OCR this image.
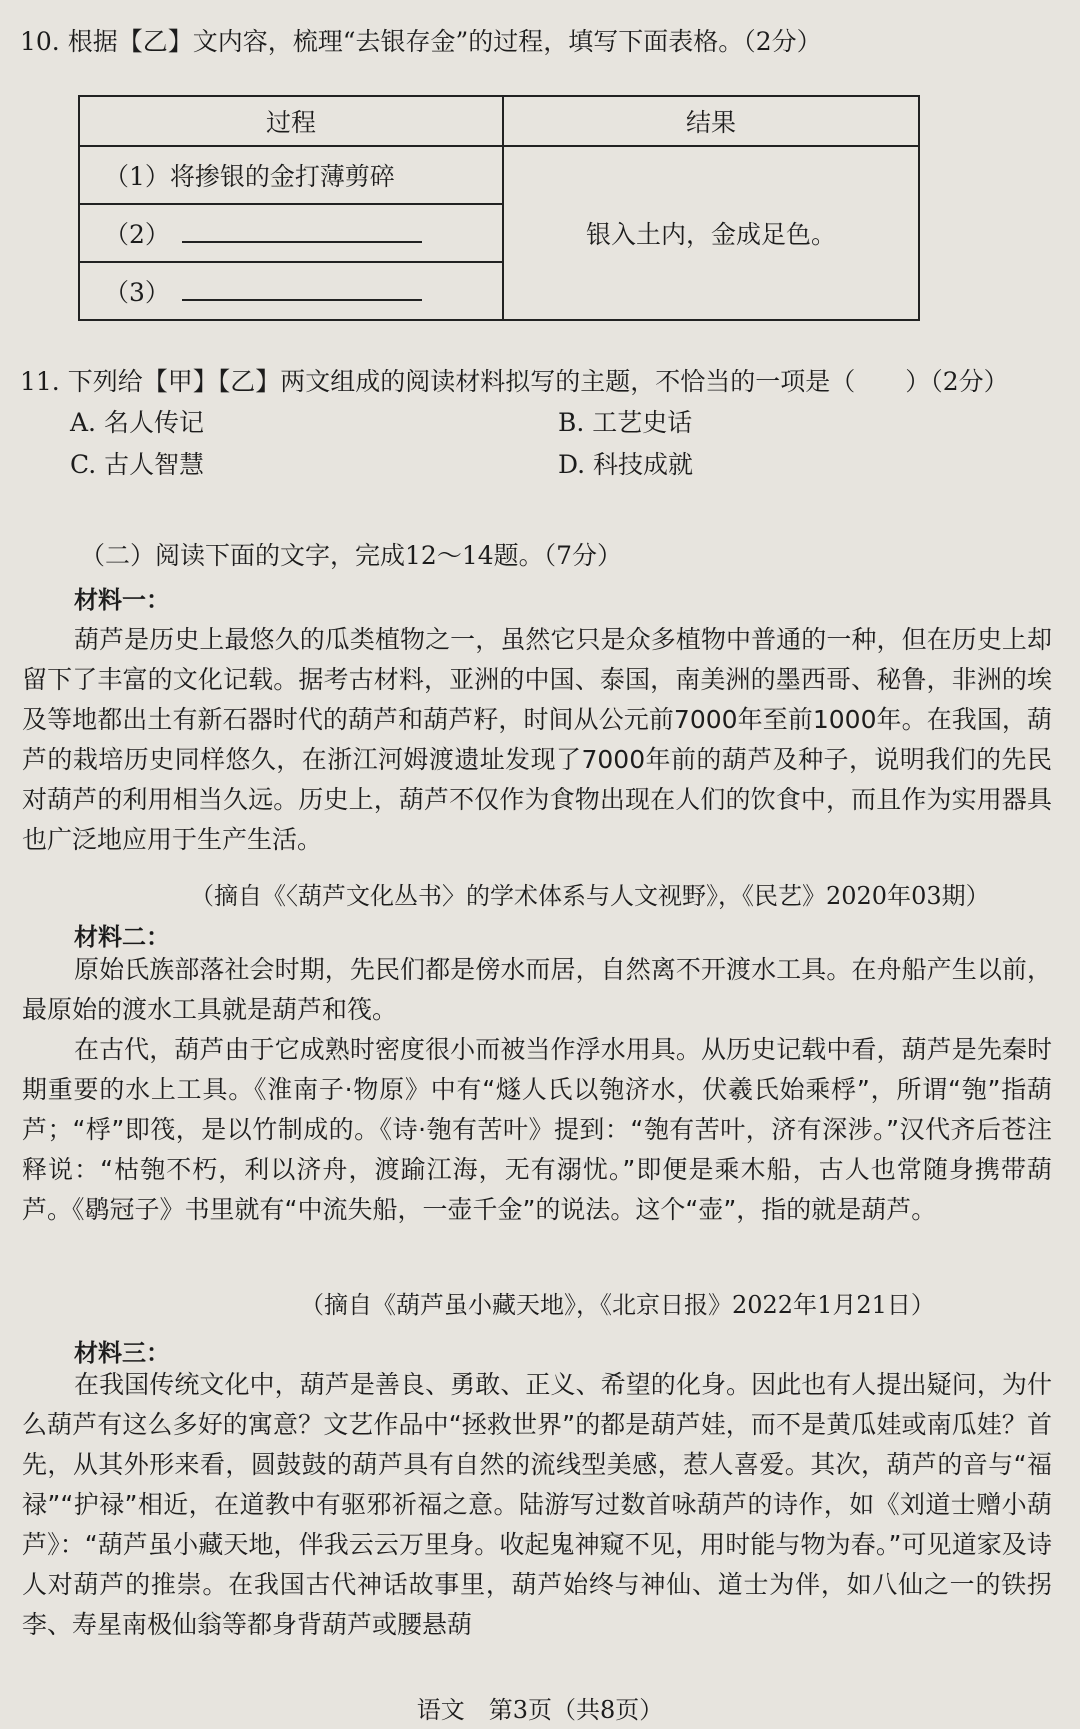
10. 根据【乙】文内容，梳理“去银存金”的过程，填写下面表格。（2分）
过程	结果
（1）将掺银的金打薄剪碎	银入土内，金成足色。
（2）	
（3）	
11. 下列给【甲】【乙】两文组成的阅读材料拟写的主题，不恰当的一项是（　　）（2分）
A. 名人传记	B. 工艺史话
C. 古人智慧	D. 科技成就
（二）阅读下面的文字，完成12～14题。（7分）
材料一：
葫芦是历史上最悠久的瓜类植物之一，虽然它只是众多植物中普通的一种，但在历史上却留下了丰富的文化记载。据考古材料，亚洲的中国、泰国，南美洲的墨西哥、秘鲁，非洲的埃及等地都出土有新石器时代的葫芦和葫芦籽，时间从公元前7000年至前1000年。在我国，葫芦的栽培历史同样悠久，在浙江河姆渡遗址发现了7000年前的葫芦及种子，说明我们的先民对葫芦的利用相当久远。历史上，葫芦不仅作为食物出现在人们的饮食中，而且作为实用器具也广泛地应用于生产生活。
（摘自《〈葫芦文化丛书〉的学术体系与人文视野》，《民艺》2020年03期）
材料二：
原始氏族部落社会时期，先民们都是傍水而居，自然离不开渡水工具。在舟船产生以前，最原始的渡水工具就是葫芦和筏。
在古代，葫芦由于它成熟时密度很小而被当作浮水用具。从历史记载中看，葫芦是先秦时期重要的水上工具。《淮南子·物原》中有“燧人氏以匏济水，伏羲氏始乘桴”，所谓“匏”指葫芦；“桴”即筏，是以竹制成的。《诗·匏有苦叶》提到：“匏有苦叶，济有深涉。”汉代齐后苍注释说：“枯匏不朽，利以济舟，渡踰江海，无有溺忧。”即便是乘木船，古人也常随身携带葫芦。《鹖冠子》书里就有“中流失船，一壶千金”的说法。这个“壶”，指的就是葫芦。
（摘自《葫芦虽小藏天地》，《北京日报》2022年1月21日）
材料三：
在我国传统文化中，葫芦是善良、勇敢、正义、希望的化身。因此也有人提出疑问，为什么葫芦有这么多好的寓意？文艺作品中“拯救世界”的都是葫芦娃，而不是黄瓜娃或南瓜娃？首先，从其外形来看，圆鼓鼓的葫芦具有自然的流线型美感，惹人喜爱。其次，葫芦的音与“福禄”“护禄”相近，在道教中有驱邪祈福之意。陆游写过数首咏葫芦的诗作，如《刘道士赠小葫芦》：“葫芦虽小藏天地，伴我云云万里身。收起鬼神窥不见，用时能与物为春。”可见道家及诗人对葫芦的推崇。在我国古代神话故事里，葫芦始终与神仙、道士为伴，如八仙之一的铁拐李、寿星南极仙翁等都身背葫芦或腰悬葫
语文　第3页（共8页）
